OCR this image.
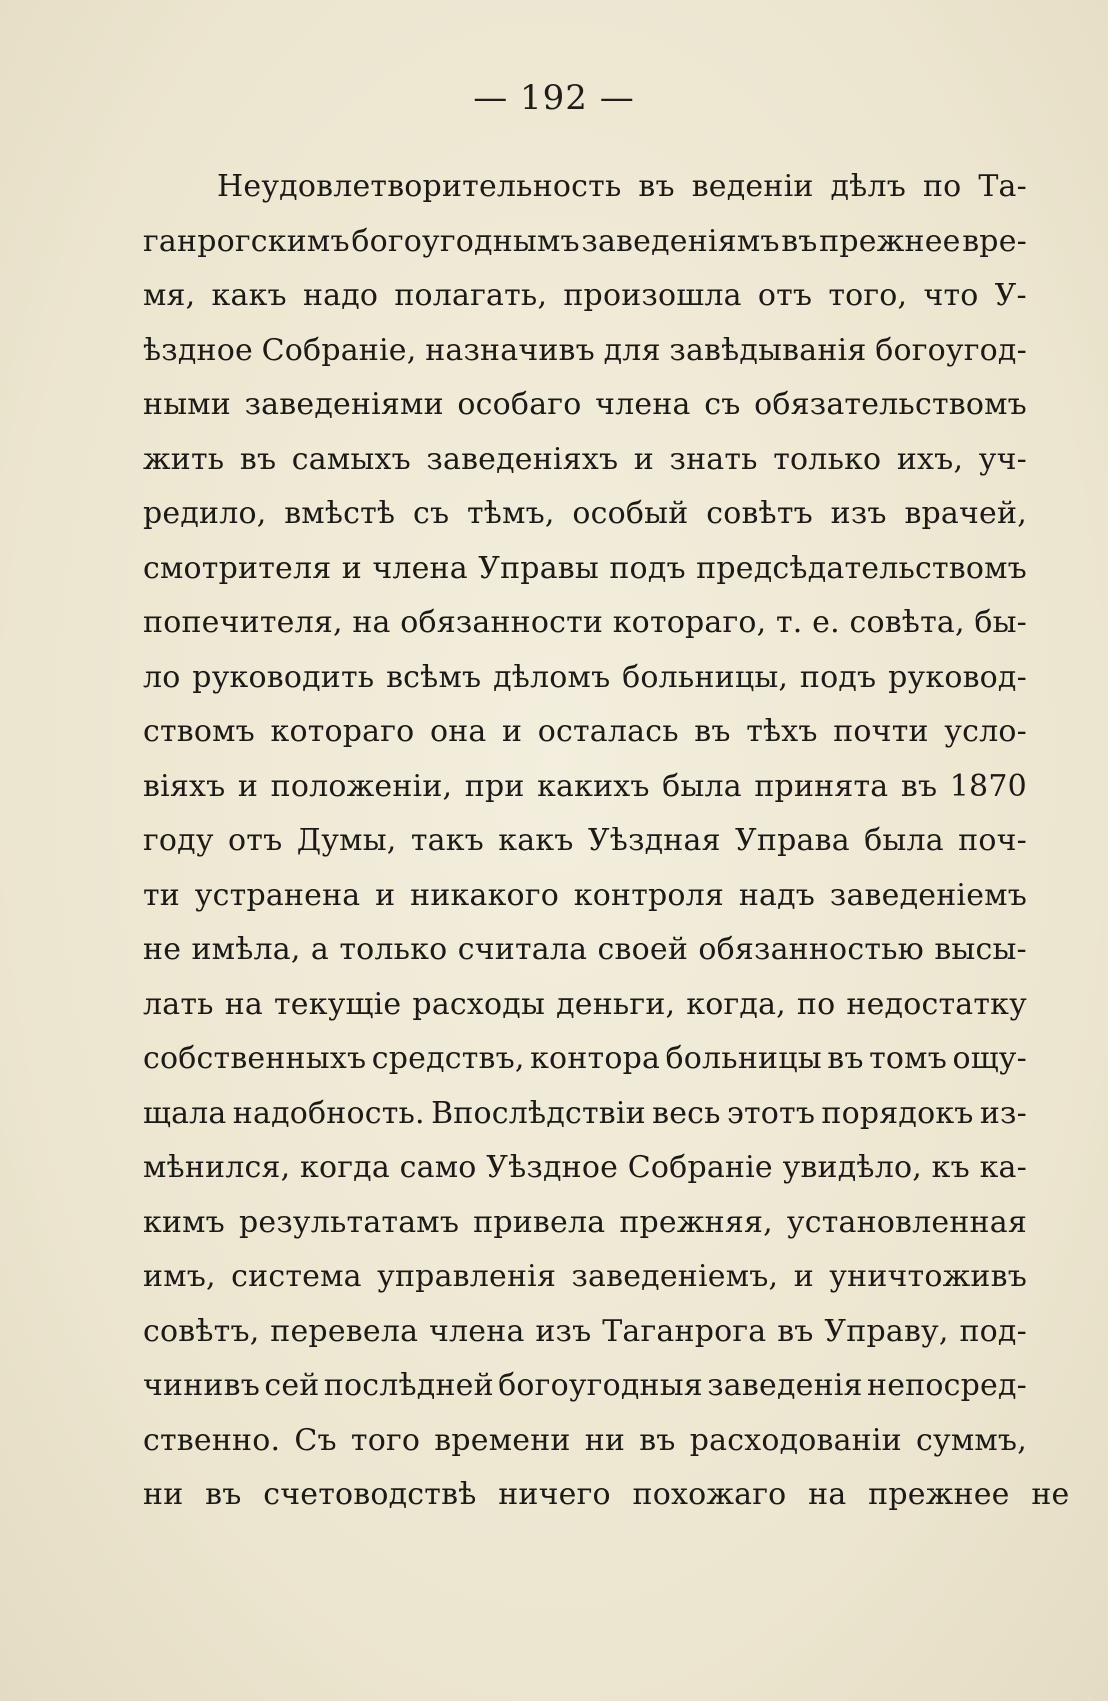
— 192 —
Неудовлетворительность въ веденіи дѣлъ по Та-
ганрогскимъ богоугоднымъ заведеніямъ въ прежнее вре-
мя, какъ надо полагать, произошла отъ того, что У-
ѣздное Собраніе, назначивъ для завѣдыванія богоугод-
ными заведеніями особаго члена съ обязательствомъ
жить въ самыхъ заведеніяхъ и знать только ихъ, уч-
редило, вмѣстѣ съ тѣмъ, особый совѣтъ изъ врачей,
смотрителя и члена Управы подъ предсѣдательствомъ
попечителя, на обязанности котораго, т. е. совѣта, бы-
ло руководить всѣмъ дѣломъ больницы, подъ руковод-
ствомъ котораго она и осталась въ тѣхъ почти усло-
віяхъ и положеніи, при какихъ была принята въ 1870
году отъ Думы, такъ какъ Уѣздная Управа была поч-
ти устранена и никакого контроля надъ заведеніемъ
не имѣла, а только считала своей обязанностью высы-
лать на текущіе расходы деньги, когда, по недостатку
собственныхъ средствъ, контора больницы въ томъ ощу-
щала надобность. Впослѣдствіи весь этотъ порядокъ из-
мѣнился, когда само Уѣздное Собраніе увидѣло, къ ка-
кимъ результатамъ привела прежняя, установленная
имъ, система управленія заведеніемъ, и уничтоживъ
совѣтъ, перевела члена изъ Таганрога въ Управу, под-
чинивъ сей послѣдней богоугодныя заведенія непосред-
ственно. Съ того времени ни въ расходованіи суммъ,
ни въ счетоводствѣ ничего похожаго на прежнее не
